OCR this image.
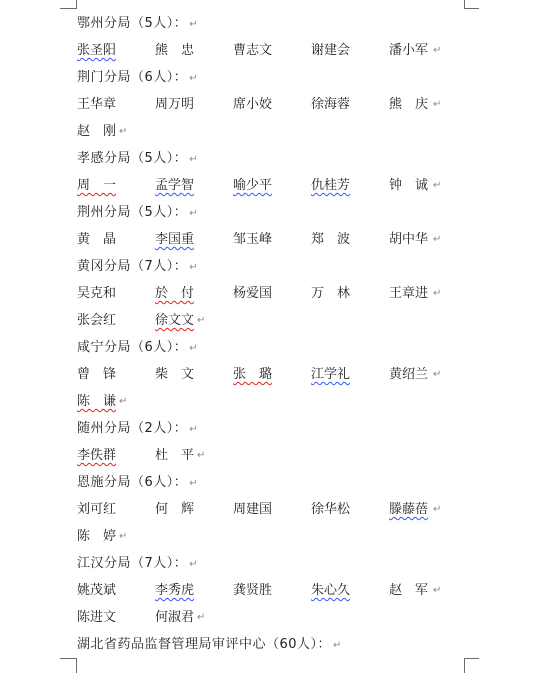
鄂州分局（5人）： ↵
张圣阳	熊　忠	曹志文	谢建会	潘小军 ↵
荆门分局（6人）： ↵
王华章	周万明	席小姣	徐海蓉	熊　庆 ↵
赵　刚 ↵
孝感分局（5人）： ↵
周　一	孟学智	喻少平	仇桂芳	钟　诚 ↵
荆州分局（5人）： ↵
黄　晶	李国重	邹玉峰	郑　波	胡中华 ↵
黄冈分局（7人）： ↵
吴克和	於　付	杨爱国	万　林	王章进 ↵
张会红	徐文文 ↵
咸宁分局（6人）： ↵
曾　锋	柴　文	张　璐	江学礼	黄绍兰 ↵
陈　谦 ↵
随州分局（2人）： ↵
李佚群	杜　平 ↵
恩施分局（6人）： ↵
刘可红	何　辉	周建国	徐华松	滕藤蓓 ↵
陈　婷 ↵
江汉分局（7人）： ↵
姚茂斌	李秀虎	龚贤胜	朱心久	赵　军 ↵
陈进文	何淑君 ↵
湖北省药品监督管理局审评中心（60人）： ↵
